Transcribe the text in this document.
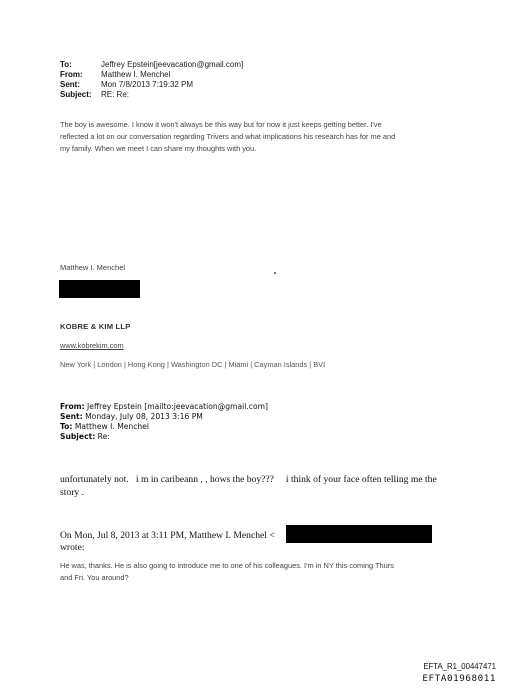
To:	Jeffrey Epstein[jeevacation@gmail.com]
From: Matthew I. Menchel
Sent:	Mon 7/8/2013 7:19:32 PM
Subject: RE: Re:
The boy is awesome. I know it won't always be this way but for now it just keeps getting better. I've
reflected a lot on our conversation regarding Trivers and what implications his research has for me and
my family. When we meet I can share my thoughts with you.
Matthew I. Menchel
KOBRE & KIM LLP
www.kobrekim.com
New York | London | Hong Kong | Washington DC | Miami | Cayman Islands | BVI
From: Jeffrey Epstein [mailto:jeevacation@gmail.com]
Sent: Monday, July 08, 2013 3:16 PM
To: Matthew I. Menchel
Subject: Re:
unfortunately not.   i m in caribeann , , hows the boy???     i think of your face often telling me the
story .
On Mon, Jul 8, 2013 at 3:11 PM, Matthew I. Menchel <
wrote:
He was, thanks. He is also going to introduce me to one of his colleagues. I'm in NY this coming Thurs
and Fri. You around?
EFTA_R1_00447471
EFTA01968011
